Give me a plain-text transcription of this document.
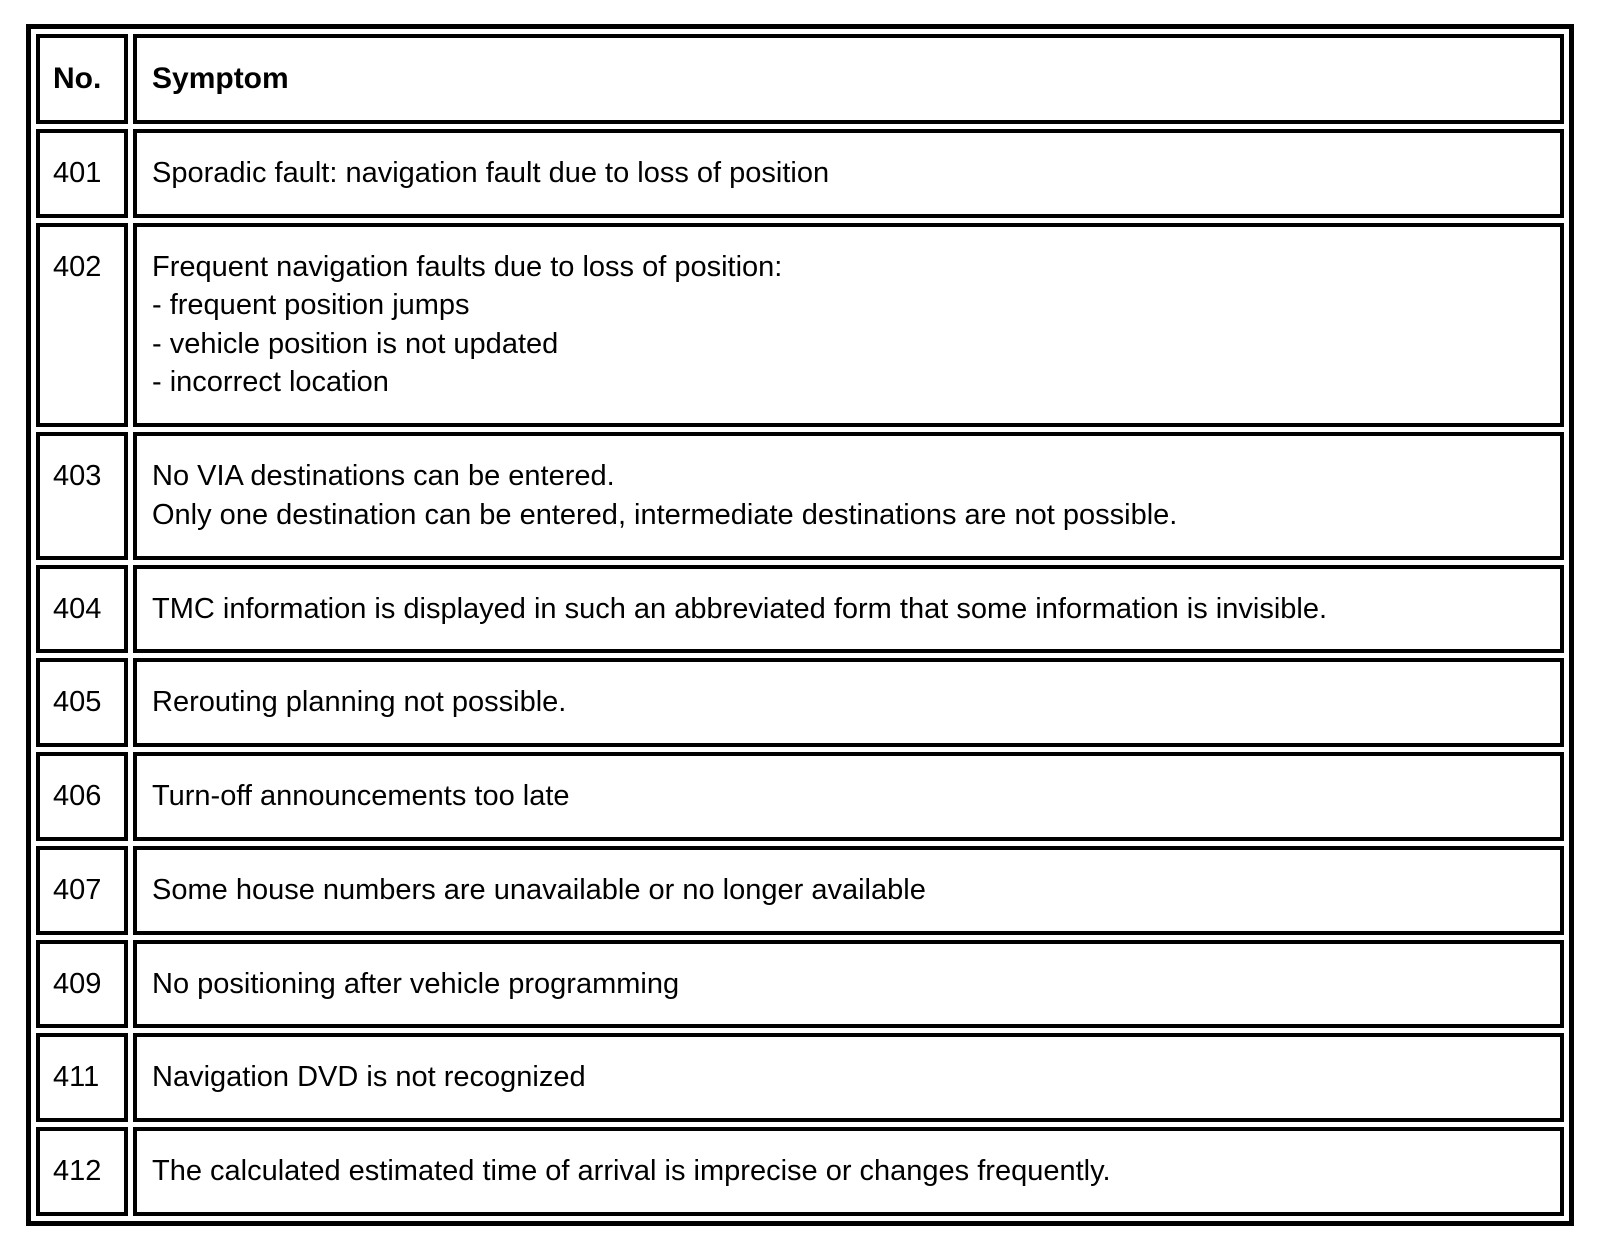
No.	Symptom
401	Sporadic fault: navigation fault due to loss of position

402	Frequent navigation faults due to loss of position:
- frequent position jumps
- vehicle position is not updated
- incorrect location

403	No VIA destinations can be entered.
Only one destination can be entered, intermediate destinations are not possible.

404	TMC information is displayed in such an abbreviated form that some information is invisible.

405	Rerouting planning not possible.

406	Turn-off announcements too late

407	Some house numbers are unavailable or no longer available

409	No positioning after vehicle programming

411	Navigation DVD is not recognized

412	The calculated estimated time of arrival is imprecise or changes frequently.
